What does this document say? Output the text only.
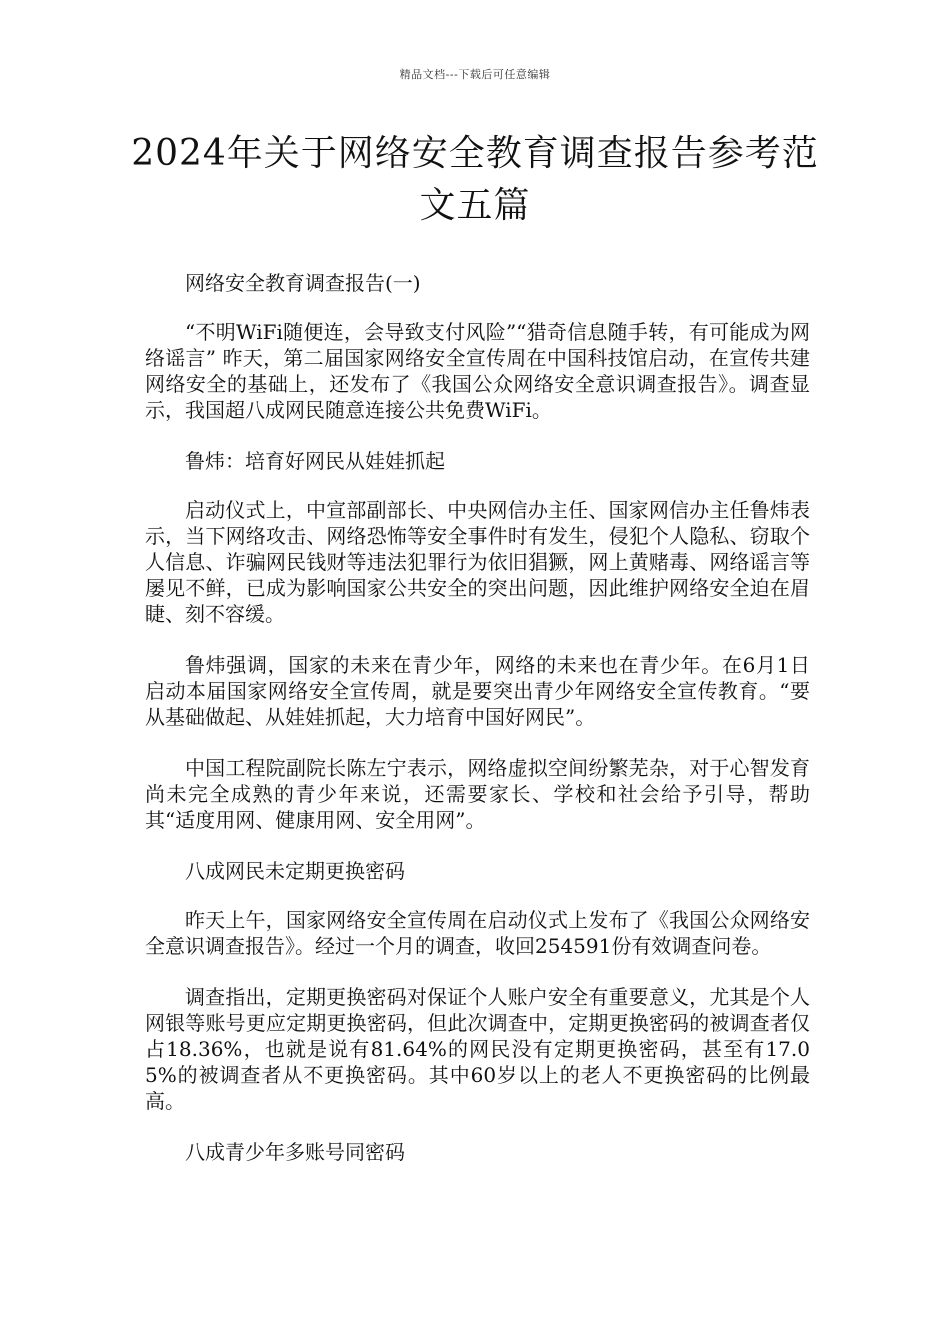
精品文档---下载后可任意编辑
2024年关于网络安全教育调查报告参考范文五篇

网络安全教育调查报告(一)

“不明WiFi随便连，会导致支付风险”“猎奇信息随手转，有可能成为网络谣言” 昨天，第二届国家网络安全宣传周在中国科技馆启动，在宣传共建网络安全的基础上，还发布了《我国公众网络安全意识调查报告》。调查显示，我国超八成网民随意连接公共免费WiFi。

鲁炜：培育好网民从娃娃抓起

启动仪式上，中宣部副部长、中央网信办主任、国家网信办主任鲁炜表示，当下网络攻击、网络恐怖等安全事件时有发生，侵犯个人隐私、窃取个人信息、诈骗网民钱财等违法犯罪行为依旧猖獗，网上黄赌毒、网络谣言等屡见不鲜，已成为影响国家公共安全的突出问题，因此维护网络安全迫在眉睫、刻不容缓。

鲁炜强调，国家的未来在青少年，网络的未来也在青少年。在6月1日启动本届国家网络安全宣传周，就是要突出青少年网络安全宣传教育。“要从基础做起、从娃娃抓起，大力培育中国好网民”。

中国工程院副院长陈左宁表示，网络虚拟空间纷繁芜杂，对于心智发育尚未完全成熟的青少年来说，还需要家长、学校和社会给予引导，帮助其“适度用网、健康用网、安全用网”。

八成网民未定期更换密码

昨天上午，国家网络安全宣传周在启动仪式上发布了《我国公众网络安全意识调查报告》。经过一个月的调查，收回254591份有效调查问卷。

调查指出，定期更换密码对保证个人账户安全有重要意义，尤其是个人网银等账号更应定期更换密码，但此次调查中，定期更换密码的被调查者仅占18.36%，也就是说有81.64%的网民没有定期更换密码，甚至有17.05%的被调查者从不更换密码。其中60岁以上的老人不更换密码的比例最高。

八成青少年多账号同密码
